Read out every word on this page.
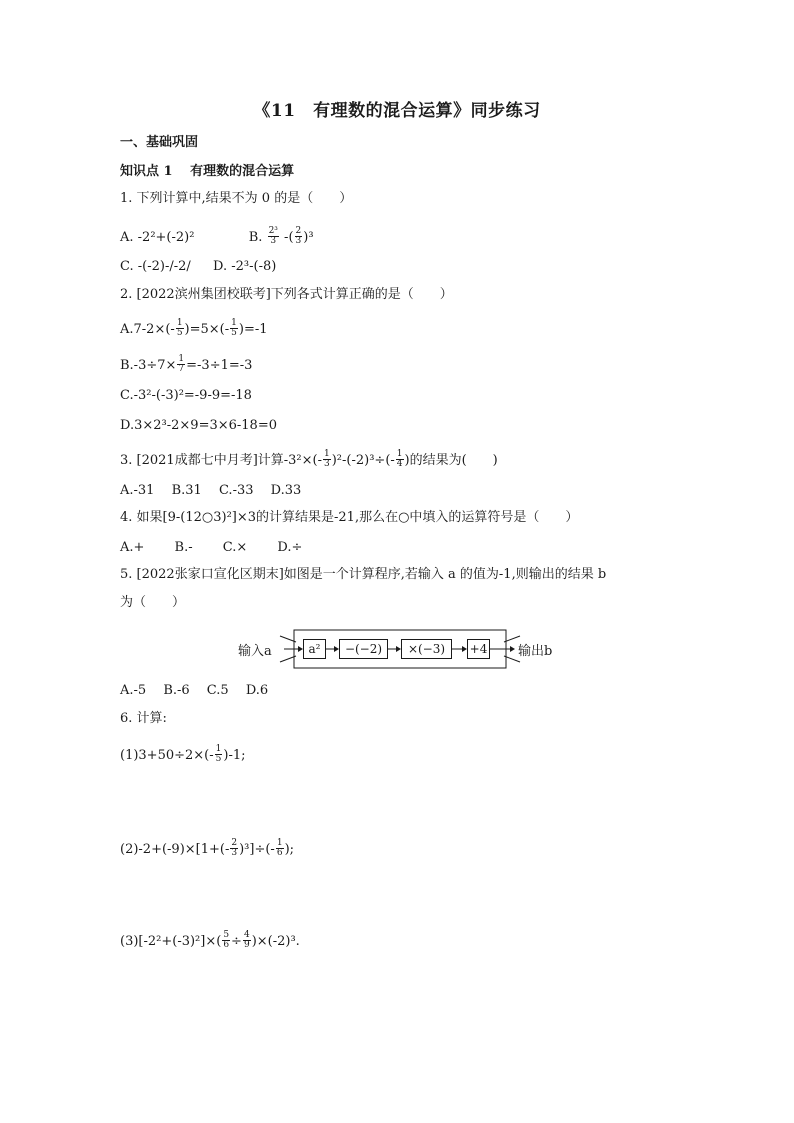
《11　有理数的混合运算》同步练习
一、基础巩固
知识点 1　 有理数的混合运算
1. 下列计算中,结果不为 0 的是（　　）
A. -2²+(-2)²	B. $\frac{\text{2³}}{3}$ -( $\frac{2}{3} )^3$
C. -(-2)-/-2/ D. -2³-(-8)
2. [2022滨州集团校联考]下列各式计算正确的是（　　）
$A.7-2\times(- \frac{1}{5} )=5\times(- \frac{1}{5} )=-1$
$B.-3\div 7\times \frac{1}{7} =-3\div 1=-3$
C.-3²-(-3)²=-9-9=-18
D.3×2³-2×9=3×6-18=0
3. [2021成都七中月考]计算$-3^2\times(- \frac{1}{3} )^2-(-2)^3\div(- \frac{1}{4}$ )的结果为(　　)
A.-31　 B.31　 C.-33　 D.33
4. 如果[9-(12○3)²]×3的计算结果是-21,那么在○中填入的运算符号是（　　）
A.+　　 B.-　　 C.×　　 D.÷
5. [2022张家口宣化区期末]如图是一个计算程序,若输入 a 的值为-1,则输出的结果 b
为（　　）
输入a	a²	−(−2)	×(−3)	+4 输出b
A.-5　 B.-6　 C.5　 D.6
6. 计算:
$(1)3+50\div 2\times(- \frac{1}{5} )-1$;
$(2)-2+(-9)\times[1+(- \frac{2}{3} )^3]\div(- \frac{1}{6}$ );
$(3)[-2^2+(-3)^2]\times( \frac{5}{6} \div \frac{4}{9} )\times(-2)^3$.
